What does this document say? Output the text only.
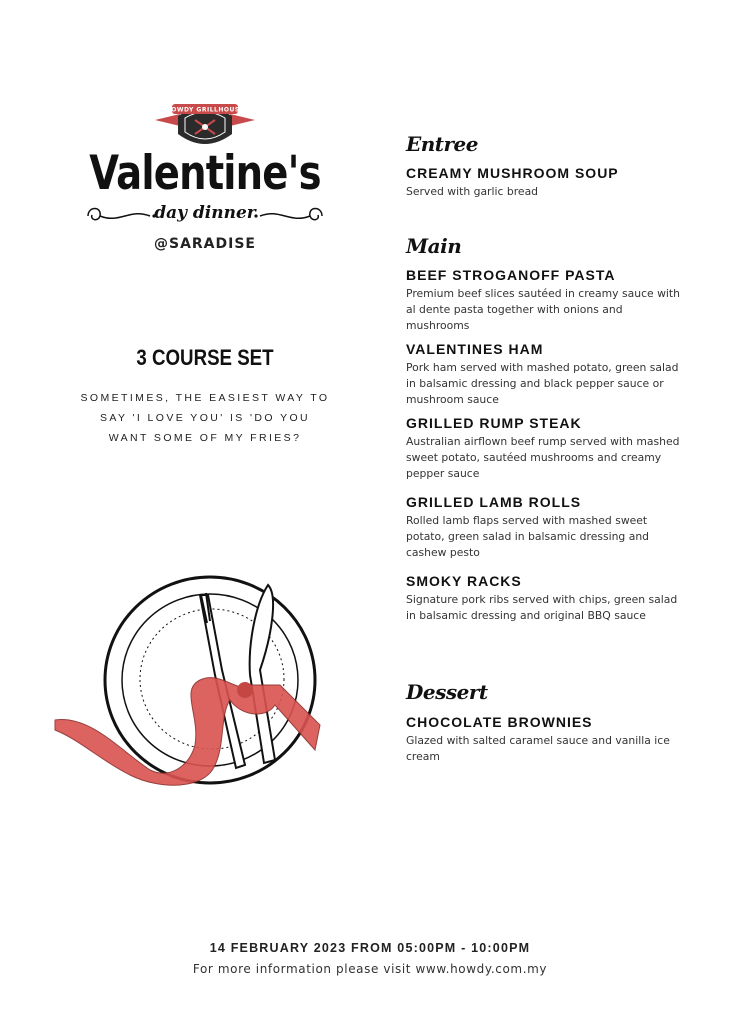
HOWDY GRILLHOUSE
Valentine's
day dinner
@SARADISE
3 COURSE SET
SOMETIMES, THE EASIEST WAY TO
SAY 'I LOVE YOU' IS 'DO YOU
WANT SOME OF MY FRIES?
Entree

CREAMY MUSHROOM SOUP

Served with garlic bread

Main

BEEF STROGANOFF PASTA

Premium beef slices sautéed in creamy sauce with al dente pasta together with onions and mushrooms

VALENTINES HAM

Pork ham served with mashed potato, green salad in balsamic dressing and black pepper sauce or mushroom sauce

GRILLED RUMP STEAK

Australian airflown beef rump served with mashed sweet potato, sautéed mushrooms and creamy pepper sauce

GRILLED LAMB ROLLS

Rolled lamb flaps served with mashed sweet potato, green salad in balsamic dressing and cashew pesto

SMOKY RACKS

Signature pork ribs served with chips, green salad in balsamic dressing and original BBQ sauce

Dessert

CHOCOLATE BROWNIES

Glazed with salted caramel sauce and vanilla ice cream

14 FEBRUARY 2023 FROM 05:00PM - 10:00PM
For more information please visit www.howdy.com.my
